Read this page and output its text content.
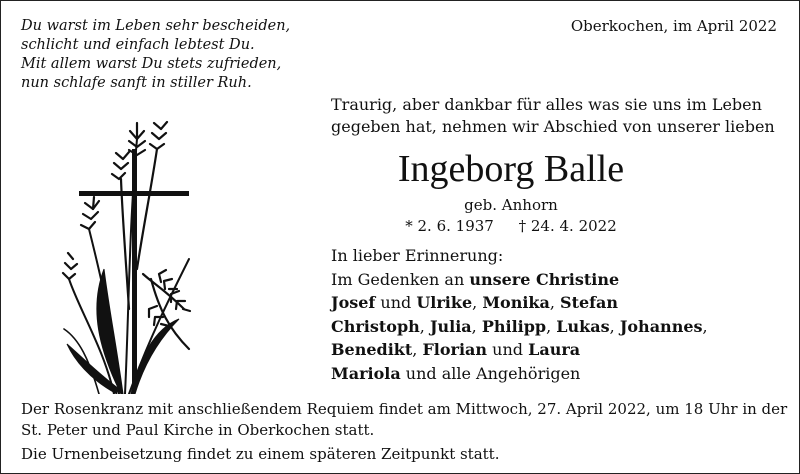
Du warst im Leben sehr bescheiden,
schlicht und einfach lebtest Du.
Mit allem warst Du stets zufrieden,
nun schlafe sanft in stiller Ruh.
Oberkochen, im April 2022
Traurig, aber dankbar für alles was sie uns im Leben
gegeben hat, nehmen wir Abschied von unserer lieben
Ingeborg Balle
geb. Anhorn
* 2. 6. 1937 † 24. 4. 2022
In lieber Erinnerung:
Im Gedenken an unsere Christine
Josef und Ulrike, Monika, Stefan
Christoph, Julia, Philipp, Lukas, Johannes,
Benedikt, Florian und Laura
Mariola und alle Angehörigen
Der Rosenkranz mit anschließendem Requiem findet am Mittwoch, 27. April 2022, um 18 Uhr in der
St. Peter und Paul Kirche in Oberkochen statt.
Die Urnenbeisetzung findet zu einem späteren Zeitpunkt statt.
